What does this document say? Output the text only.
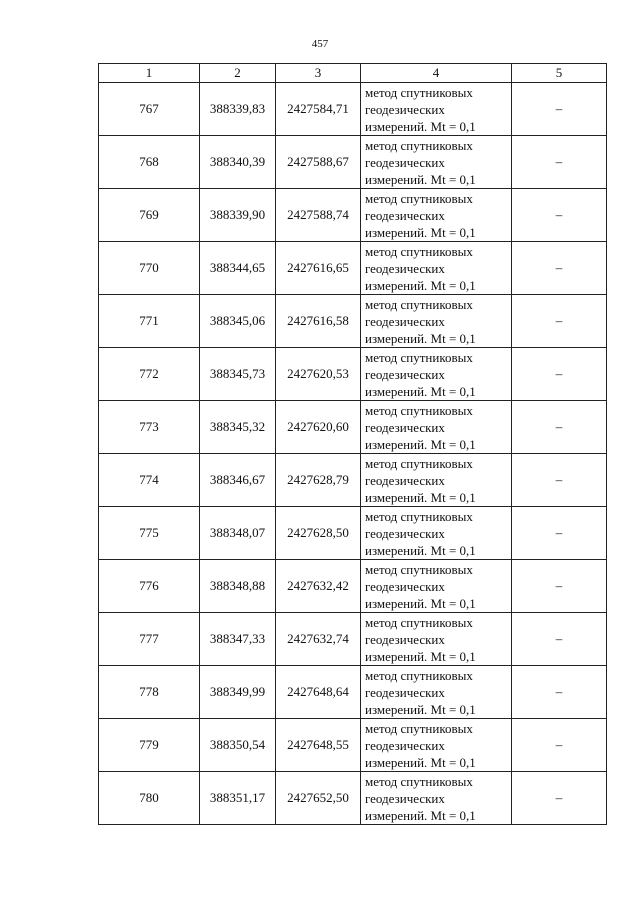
457
1	2	3	4	5
767	388339,83	2427584,71	метод спутниковых
геодезических
измерений. Mt = 0,1	–
768	388340,39	2427588,67	метод спутниковых
геодезических
измерений. Mt = 0,1	–
769	388339,90	2427588,74	метод спутниковых
геодезических
измерений. Mt = 0,1	–
770	388344,65	2427616,65	метод спутниковых
геодезических
измерений. Mt = 0,1	–
771	388345,06	2427616,58	метод спутниковых
геодезических
измерений. Mt = 0,1	–
772	388345,73	2427620,53	метод спутниковых
геодезических
измерений. Mt = 0,1	–
773	388345,32	2427620,60	метод спутниковых
геодезических
измерений. Mt = 0,1	–
774	388346,67	2427628,79	метод спутниковых
геодезических
измерений. Mt = 0,1	–
775	388348,07	2427628,50	метод спутниковых
геодезических
измерений. Mt = 0,1	–
776	388348,88	2427632,42	метод спутниковых
геодезических
измерений. Mt = 0,1	–
777	388347,33	2427632,74	метод спутниковых
геодезических
измерений. Mt = 0,1	–
778	388349,99	2427648,64	метод спутниковых
геодезических
измерений. Mt = 0,1	–
779	388350,54	2427648,55	метод спутниковых
геодезических
измерений. Mt = 0,1	–
780	388351,17	2427652,50	метод спутниковых
геодезических
измерений. Mt = 0,1	–
